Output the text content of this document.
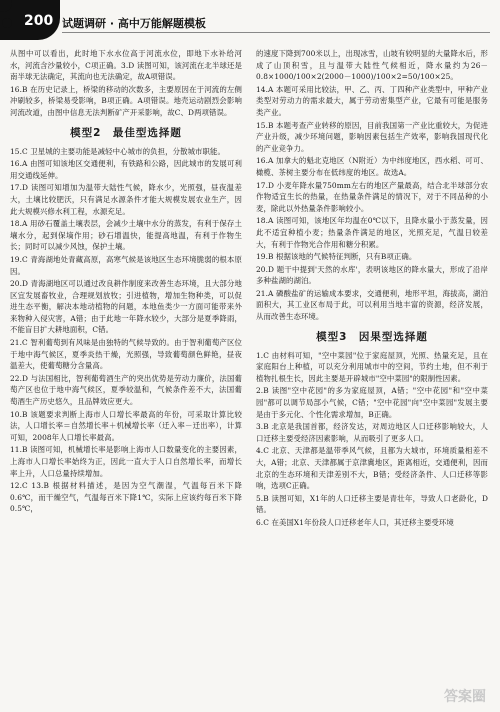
200 试题调研 · 高中万能解题模板

从图中可以看出，此时地下水水位高于河流水位，即地下水补给河水，河流含沙量较小，C项正确。3.D 读图可知，该河流在北半球还是南半球无法确定，其流向也无法确定，故A项错误。

16.B 在历史记录上，桥梁的移动的次数多，主要原因在于河流的左侧冲刷较多，桥梁易受影响，B项正确。A项错误。地壳运动剧烈会影响河流改道，由图中信息无法判断矿产开采影响，故C、D两项错误。

模型2　最佳型选择题

15.C 卫星城的主要功能是减轻中心城市的负担，分散城市职能。

16.A 由图可知该地区交通便利，有铁路和公路，因此城市的发展可利用交通线延伸。

17.D 读图可知增加为温带大陆性气候，降水少，光照强，昼夜温差大，土壤比较肥沃，只有满足水源条件才能大规模发展农业生产，因此大规模兴修水利工程，水源充足。

18.A 用砂石覆盖土壤表层，会减少土壤中水分的蒸发，有利于保存土壤水分，起到保墒作用；砂石增温快，能提高地温，有利于作物生长；同时可以减少风蚀，保护土壤。

19.C 青海湖地处青藏高原，高寒气候是该地区生态环境脆弱的根本原因。

20.D 青海湖地区可以通过改良耕作制度来改善生态环境，且大部分地区宜发展畜牧业，合理规划放牧；引进植物，增加生物种类，可以促进生态平衡，解决本地动植物的问题，本地鱼类少一方面可能带来外来物种入侵灾害，A错；由于此地一年降水较少，大部分是夏季降雨，不能盲目扩大耕地面积，C错。

21.C 智利葡萄到有风味是由独特的气候导致的。由于智利葡萄产区位于地中海气候区，夏季炎热干燥，光照强，导致葡萄颜色鲜艳，昼夜温差大，使葡萄糖分含量高。

22.D 与法国相比，智利葡萄酒生产的突出优势是劳动力廉价，法国葡萄产区也位于地中海气候区，夏季较温和，气候条件差不大，法国葡萄酒生产历史悠久，且品牌效应更大。

10.B 该题要求判断上海市人口增长率最高的年份，可采取计算比较法，人口增长率＝自然增长率＋机械增长率（迁入率－迁出率），计算可知，2008年人口增长率最高。

11.B 读图可知，机械增长率是影响上海市人口数量变化的主要因素，上海市人口增长率始终为正，因此一直大于人口自然增长率，而增长率上升，人口总量持续增加。

12.C 13.B 根据材料描述，是因为空气潮湿，气温每百米下降0.6℃，而干燥空气，气温每百米下降1℃，实际上应该约每百米下降0.5℃，

的速度下降到700米以上，出现冰雪，山坡有较明显的大量降水后，形成了山顶积雪，且与温带大陆性气候相近，降水量约为26－0.8×1000/100×2(2000－1000)/100×2=50/100×25。

14.A 本题可采用比较法，甲、乙、丙、丁四种产业类型中，甲种产业类型对劳动力的需求最大，属于劳动密集型产业，它最有可能是服务类产业。

15.B 本题考查产业转移的原因，目前我国第一产业比重较大，为促进产业升级，减少环境问题，影响因素包括生产效率，影响我国现代化的产业竞争力。

16.A 加拿大的魁北克地区（N附近）为中纬度地区，西水稻、可可、橄榄、茶树主要分布在低纬度的地区。故选A。

17.D 小麦年降水量750mm左右的地区产量最高，结合北半球部分农作物适宜生长的热量，在热量条件满足的情况下，对于不同品种的小麦，除此以外热量条件影响较小。

18.A 读图可知，该地区年均温在0℃以下，且降水量小于蒸发量，因此不适宜种植小麦；热量条件满足的地区，光照充足，气温日较差大，有利于作物光合作用和糖分积累。

19.B 根据该地的气候特征判断，只有B项正确。

20.D 题干中提到'天然的水库'，表明该地区的降水量大，形成了沿岸多种盐湖的湖泊。

21.A 磷酸盐矿的运输成本要求，交通便利，地形平坦，海拔高，湖泊面积大，其工业区布局于此，可以利用当地丰富的资源，经济发展，从而改善生态环境。

模型3　因果型选择题

1.C 由材料可知，"空中菜园"位于家庭屋顶，光照、热量充足，且在家庭阳台上种植，可以充分利用城市中的空间，节约土地，但不利于植物扎根生长，因此主要是开辟城市"空中菜园"的限制性因素。

2.B 读图"空中花园"的多为家庭屋顶，A错；"空中花园"和"空中菜园"都可以调节局部小气候，C错；"空中花园"向"空中菜园"发展主要是由于多元化、个性化需求增加，B正确。

3.B 北京是我国首都，经济发达，对周边地区人口迁移影响较大，人口迁移主要受经济因素影响，从而吸引了更多人口。

4.C 北京、天津都是温带季风气候，且都为大城市，环境质量相差不大，A错；北京、天津都属于京津冀地区，距离相近，交通便利，因而北京的生态环境和天津差别不大，B错；受经济条件、人口迁移等影响，选项C正确。

5.B 读图可知，X1年的人口迁移主要是青壮年，导致人口老龄化，D错。

6.C 在美国X1年份段人口迁移老年人口，其迁移主要受环境

答案圈
